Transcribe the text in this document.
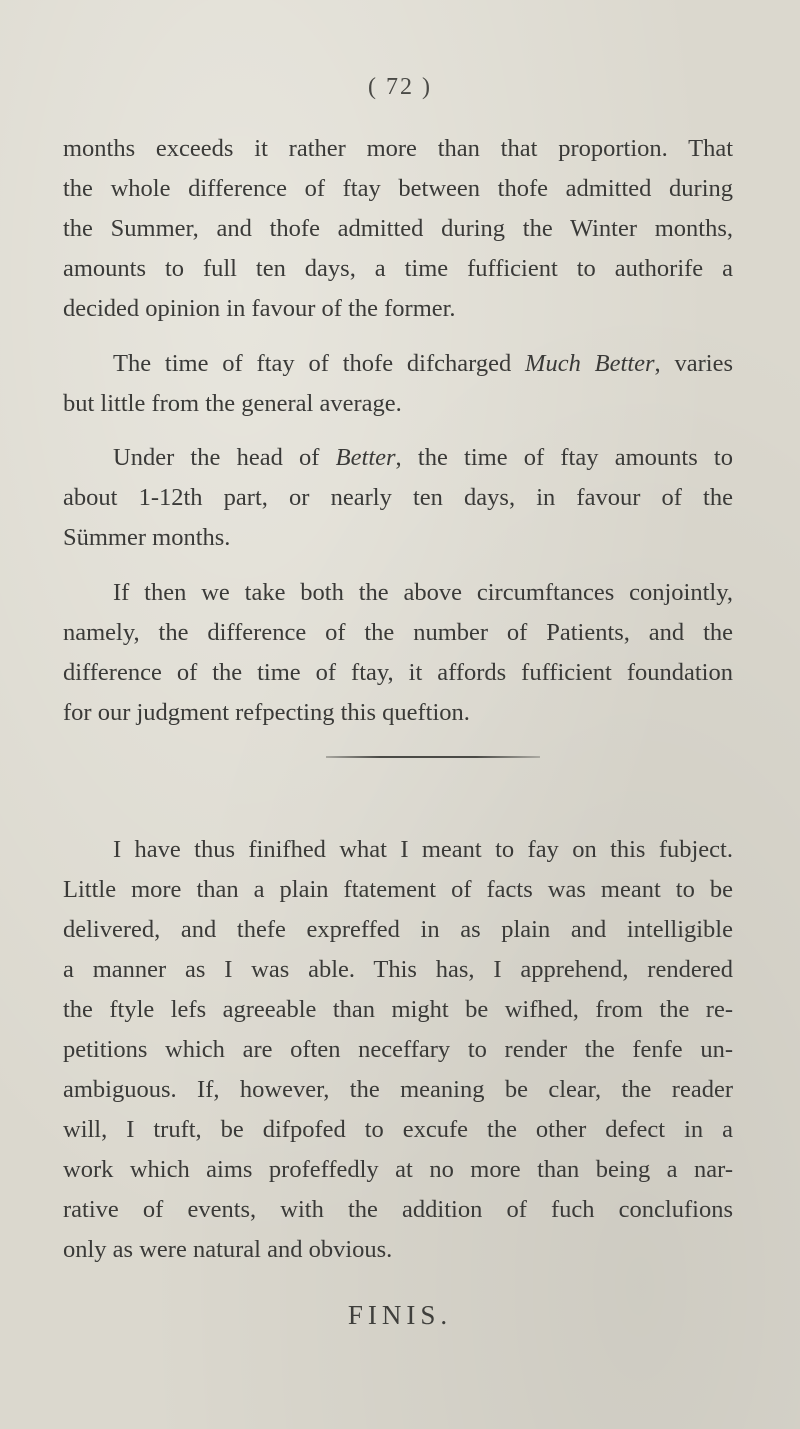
( 72 )
months exceeds it rather more than that proportion. That
the whole difference of ftay between thofe admitted during
the Summer, and thofe admitted during the Winter months,
amounts to full ten days, a time fufficient to authorife a
decided opinion in favour of the former.
The time of ftay of thofe difcharged Much Better, varies
but little from the general average.
Under the head of Better, the time of ftay amounts to
about 1-12th part, or nearly ten days, in favour of the
Sümmer months.
If then we take both the above circumftances conjointly,
namely, the difference of the number of Patients, and the
difference of the time of ftay, it affords fufficient foundation
for our judgment refpecting this queftion.
I have thus finifhed what I meant to fay on this fubject.
Little more than a plain ftatement of facts was meant to be
delivered, and thefe expreffed in as plain and intelligible
a manner as I was able. This has, I apprehend, rendered
the ftyle lefs agreeable than might be wifhed, from the re-
petitions which are often neceffary to render the fenfe un-
ambiguous. If, however, the meaning be clear, the reader
will, I truft, be difpofed to excufe the other defect in a
work which aims profeffedly at no more than being a nar-
rative of events, with the addition of fuch conclufions
only as were natural and obvious.
FINIS.
